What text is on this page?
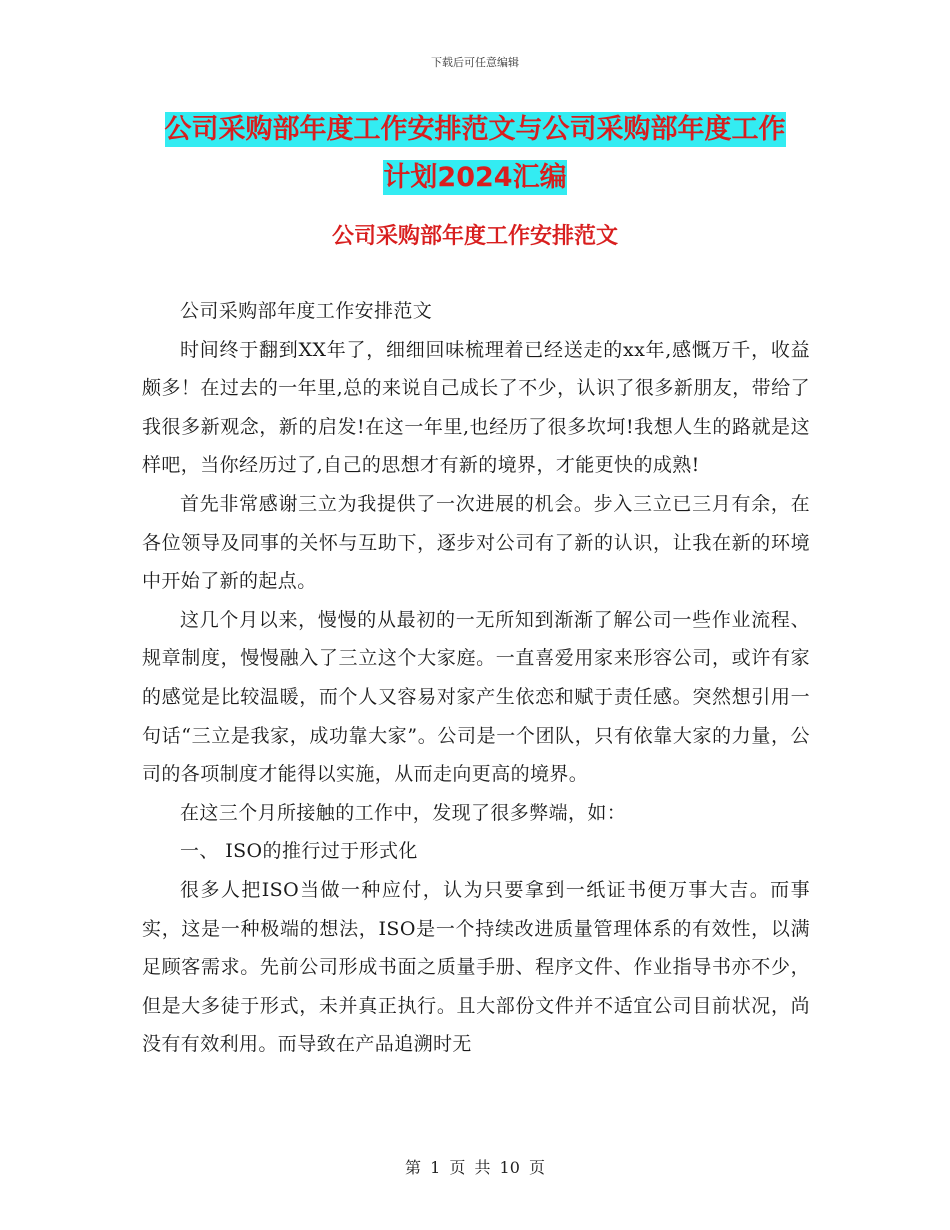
下载后可任意编辑
公司采购部年度工作安排范文与公司采购部年度工作
计划2024汇编
公司采购部年度工作安排范文

公司采购部年度工作安排范文

时间终于翻到XX年了，细细回味梳理着已经送走的xx年,感慨万千，收益颇多！在过去的一年里,总的来说自己成长了不少，认识了很多新朋友，带给了我很多新观念，新的启发!在这一年里,也经历了很多坎坷!我想人生的路就是这样吧，当你经历过了,自己的思想才有新的境界，才能更快的成熟!

首先非常感谢三立为我提供了一次进展的机会。步入三立已三月有余，在各位领导及同事的关怀与互助下，逐步对公司有了新的认识，让我在新的环境中开始了新的起点。

这几个月以来，慢慢的从最初的一无所知到渐渐了解公司一些作业流程、规章制度，慢慢融入了三立这个大家庭。一直喜爱用家来形容公司，或许有家的感觉是比较温暖，而个人又容易对家产生依恋和赋于责任感。突然想引用一句话“三立是我家，成功靠大家”。公司是一个团队，只有依靠大家的力量，公司的各项制度才能得以实施，从而走向更高的境界。

在这三个月所接触的工作中，发现了很多弊端，如：

一、 ISO的推行过于形式化

很多人把ISO当做一种应付，认为只要拿到一纸证书便万事大吉。而事实，这是一种极端的想法，ISO是一个持续改进质量管理体系的有效性，以满足顾客需求。先前公司形成书面之质量手册、程序文件、作业指导书亦不少，但是大多徒于形式，未并真正执行。且大部份文件并不适宜公司目前状况，尚没有有效利用。而导致在产品追溯时无

第 1 页 共 10 页
